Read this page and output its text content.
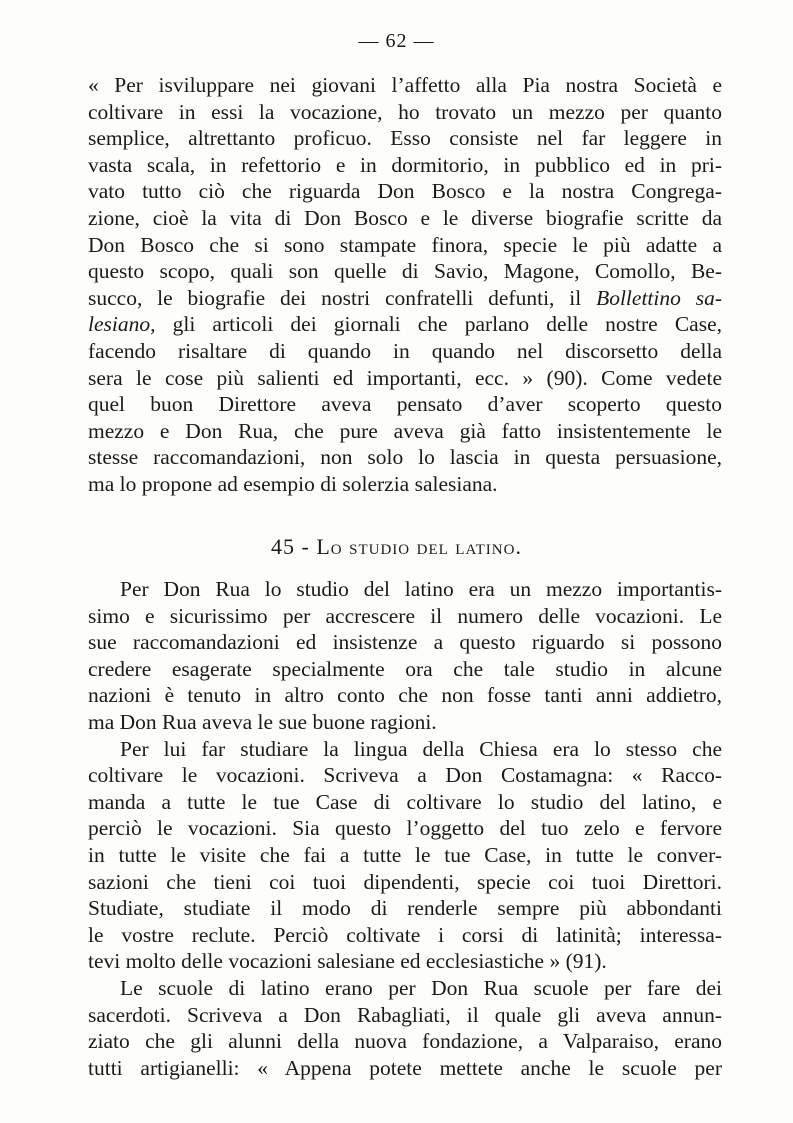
— 62 —
« Per isviluppare nei giovani l’affetto alla Pia nostra Società e
coltivare in essi la vocazione, ho trovato un mezzo per quanto
semplice, altrettanto proficuo. Esso consiste nel far leggere in
vasta scala, in refettorio e in dormitorio, in pubblico ed in pri-
vato tutto ciò che riguarda Don Bosco e la nostra Congrega-
zione, cioè la vita di Don Bosco e le diverse biografie scritte da
Don Bosco che si sono stampate finora, specie le più adatte a
questo scopo, quali son quelle di Savio, Magone, Comollo, Be-
succo, le biografie dei nostri confratelli defunti, il Bollettino sa-
lesiano, gli articoli dei giornali che parlano delle nostre Case,
facendo risaltare di quando in quando nel discorsetto della
sera le cose più salienti ed importanti, ecc. » (90). Come vedete
quel buon Direttore aveva pensato d’aver scoperto questo
mezzo e Don Rua, che pure aveva già fatto insistentemente le
stesse raccomandazioni, non solo lo lascia in questa persuasione,
ma lo propone ad esempio di solerzia salesiana.
45 - Lo studio del latino.
Per Don Rua lo studio del latino era un mezzo importantis-
simo e sicurissimo per accrescere il numero delle vocazioni. Le
sue raccomandazioni ed insistenze a questo riguardo si possono
credere esagerate specialmente ora che tale studio in alcune
nazioni è tenuto in altro conto che non fosse tanti anni addietro,
ma Don Rua aveva le sue buone ragioni.
Per lui far studiare la lingua della Chiesa era lo stesso che
coltivare le vocazioni. Scriveva a Don Costamagna: « Racco-
manda a tutte le tue Case di coltivare lo studio del latino, e
perciò le vocazioni. Sia questo l’oggetto del tuo zelo e fervore
in tutte le visite che fai a tutte le tue Case, in tutte le conver-
sazioni che tieni coi tuoi dipendenti, specie coi tuoi Direttori.
Studiate, studiate il modo di renderle sempre più abbondanti
le vostre reclute. Perciò coltivate i corsi di latinità; interessa-
tevi molto delle vocazioni salesiane ed ecclesiastiche » (91).
Le scuole di latino erano per Don Rua scuole per fare dei
sacerdoti. Scriveva a Don Rabagliati, il quale gli aveva annun-
ziato che gli alunni della nuova fondazione, a Valparaiso, erano
tutti artigianelli: « Appena potete mettete anche le scuole per
